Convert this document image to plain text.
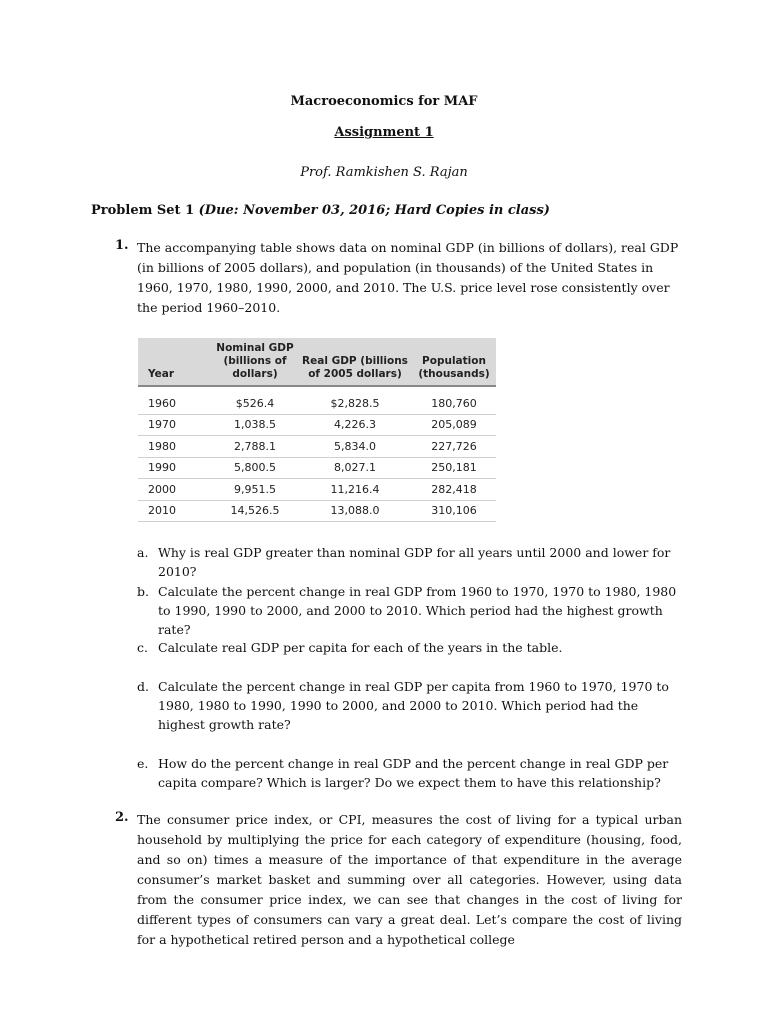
Macroeconomics for MAF
Assignment 1
Prof. Ramkishen S. Rajan
Problem Set 1 (Due: November 03, 2016; Hard Copies in class)
1. The accompanying table shows data on nominal GDP (in billions of dollars), real GDP (in billions of 2005 dollars), and population (in thousands) of the United States in 1960, 1970, 1980, 1990, 2000, and 2010. The U.S. price level rose consistently over the period 1960–2010.
Year	Nominal GDP (billions of dollars)	Real GDP (billions of 2005 dollars)	Population (thousands)
1960	$526.4	$2,828.5	180,760
1970	1,038.5	4,226.3	205,089
1980	2,788.1	5,834.0	227,726
1990	5,800.5	8,027.1	250,181
2000	9,951.5	11,216.4	282,418
2010	14,526.5	13,088.0	310,106
a. Why is real GDP greater than nominal GDP for all years until 2000 and lower for 2010?
b. Calculate the percent change in real GDP from 1960 to 1970, 1970 to 1980, 1980 to 1990, 1990 to 2000, and 2000 to 2010. Which period had the highest growth rate?
c. Calculate real GDP per capita for each of the years in the table.
d. Calculate the percent change in real GDP per capita from 1960 to 1970, 1970 to 1980, 1980 to 1990, 1990 to 2000, and 2000 to 2010. Which period had the highest growth rate?
e. How do the percent change in real GDP and the percent change in real GDP per capita compare? Which is larger? Do we expect them to have this relationship?
2. The consumer price index, or CPI, measures the cost of living for a typical urban household by multiplying the price for each category of expenditure (housing, food, and so on) times a measure of the importance of that expenditure in the average consumer’s market basket and summing over all categories. However, using data from the consumer price index, we can see that changes in the cost of living for different types of consumers can vary a great deal. Let’s compare the cost of living for a hypothetical retired person and a hypothetical college
